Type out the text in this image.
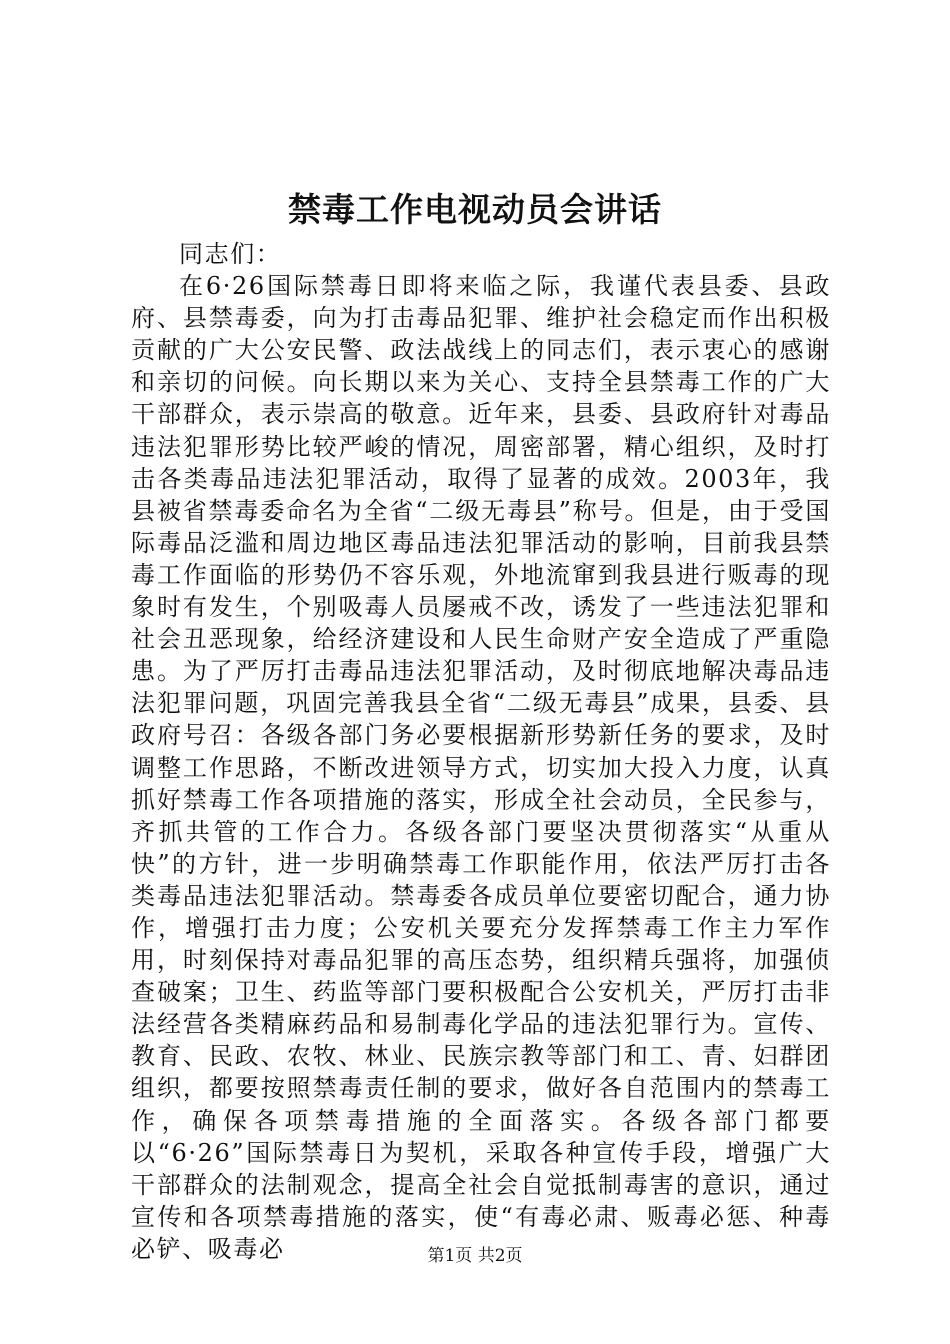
禁毒工作电视动员会讲话
同志们：
在6·26国际禁毒日即将来临之际，我谨代表县委、县政府、县禁毒委，向为打击毒品犯罪、维护社会稳定而作出积极贡献的广大公安民警、政法战线上的同志们，表示衷心的感谢和亲切的问候。向长期以来为关心、支持全县禁毒工作的广大干部群众，表示崇高的敬意。近年来，县委、县政府针对毒品违法犯罪形势比较严峻的情况，周密部署，精心组织，及时打击各类毒品违法犯罪活动，取得了显著的成效。2003年，我县被省禁毒委命名为全省“二级无毒县”称号。但是，由于受国际毒品泛滥和周边地区毒品违法犯罪活动的影响，目前我县禁毒工作面临的形势仍不容乐观，外地流窜到我县进行贩毒的现象时有发生，个别吸毒人员屡戒不改，诱发了一些违法犯罪和社会丑恶现象，给经济建设和人民生命财产安全造成了严重隐患。为了严厉打击毒品违法犯罪活动，及时彻底地解决毒品违法犯罪问题，巩固完善我县全省“二级无毒县”成果，县委、县政府号召：各级各部门务必要根据新形势新任务的要求，及时调整工作思路，不断改进领导方式，切实加大投入力度，认真抓好禁毒工作各项措施的落实，形成全社会动员，全民参与，齐抓共管的工作合力。各级各部门要坚决贯彻落实“从重从快”的方针，进一步明确禁毒工作职能作用，依法严厉打击各类毒品违法犯罪活动。禁毒委各成员单位要密切配合，通力协作，增强打击力度；公安机关要充分发挥禁毒工作主力军作用，时刻保持对毒品犯罪的高压态势，组织精兵强将，加强侦查破案；卫生、药监等部门要积极配合公安机关，严厉打击非法经营各类精麻药品和易制毒化学品的违法犯罪行为。宣传、教育、民政、农牧、林业、民族宗教等部门和工、青、妇群团组织，都要按照禁毒责任制的要求，做好各自范围内的禁毒工作，确保各项禁毒措施的全面落实。各级各部门都要以“6·26”国际禁毒日为契机，采取各种宣传手段，增强广大干部群众的法制观念，提高全社会自觉抵制毒害的意识，通过宣传和各项禁毒措施的落实，使“有毒必肃、贩毒必惩、种毒必铲、吸毒必	第1页 共2页
